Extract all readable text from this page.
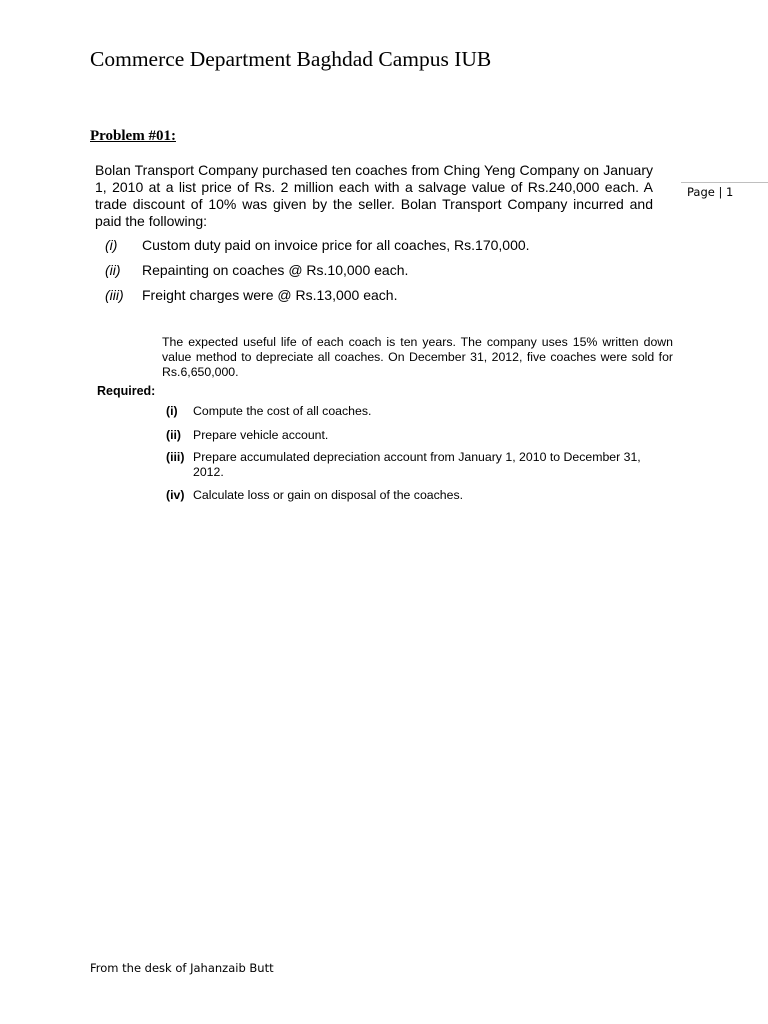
Commerce Department Baghdad Campus IUB
Page | 1
Problem #01:
Bolan Transport Company purchased ten coaches from Ching Yeng Company on January 1, 2010 at a list price of Rs. 2 million each with a salvage value of Rs.240,000 each. A trade discount of 10% was given by the seller. Bolan Transport Company incurred and paid the following:
(i) Custom duty paid on invoice price for all coaches, Rs.170,000.
(ii) Repainting on coaches @ Rs.10,000 each.
(iii) Freight charges were @ Rs.13,000 each.
The expected useful life of each coach is ten years. The company uses 15% written down value method to depreciate all coaches. On December 31, 2012, five coaches were sold for Rs.6,650,000.
Required:
(i)	Compute the cost of all coaches.
(ii) Prepare vehicle account.
(iii) Prepare accumulated depreciation account from January 1, 2010 to December 31, 2012.
(iv) Calculate loss or gain on disposal of the coaches.
From the desk of Jahanzaib Butt
